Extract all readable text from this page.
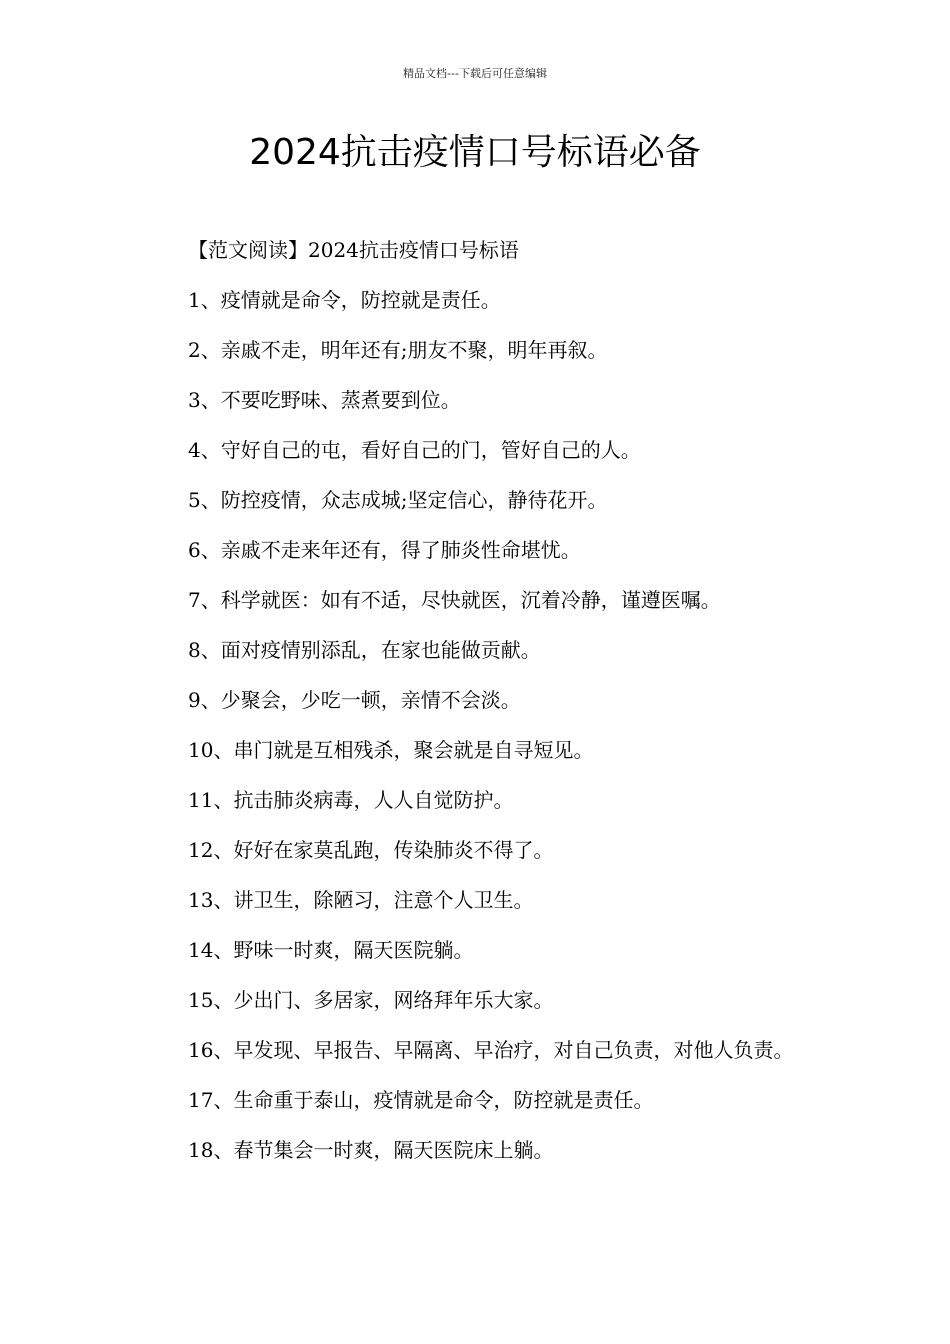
精品文档---下载后可任意编辑
2024抗击疫情口号标语必备

【范文阅读】2024抗击疫情口号标语

1、疫情就是命令，防控就是责任。

2、亲戚不走，明年还有;朋友不聚，明年再叙。

3、不要吃野味、蒸煮要到位。

4、守好自己的屯，看好自己的门，管好自己的人。

5、防控疫情，众志成城;坚定信心，静待花开。

6、亲戚不走来年还有，得了肺炎性命堪忧。

7、科学就医：如有不适，尽快就医，沉着冷静，谨遵医嘱。

8、面对疫情别添乱，在家也能做贡献。

9、少聚会，少吃一顿，亲情不会淡。

10、串门就是互相残杀，聚会就是自寻短见。

11、抗击肺炎病毒，人人自觉防护。

12、好好在家莫乱跑，传染肺炎不得了。

13、讲卫生，除陋习，注意个人卫生。

14、野味一时爽，隔天医院躺。

15、少出门、多居家，网络拜年乐大家。

16、早发现、早报告、早隔离、早治疗，对自己负责，对他人负责。

17、生命重于泰山，疫情就是命令，防控就是责任。

18、春节集会一时爽，隔天医院床上躺。
